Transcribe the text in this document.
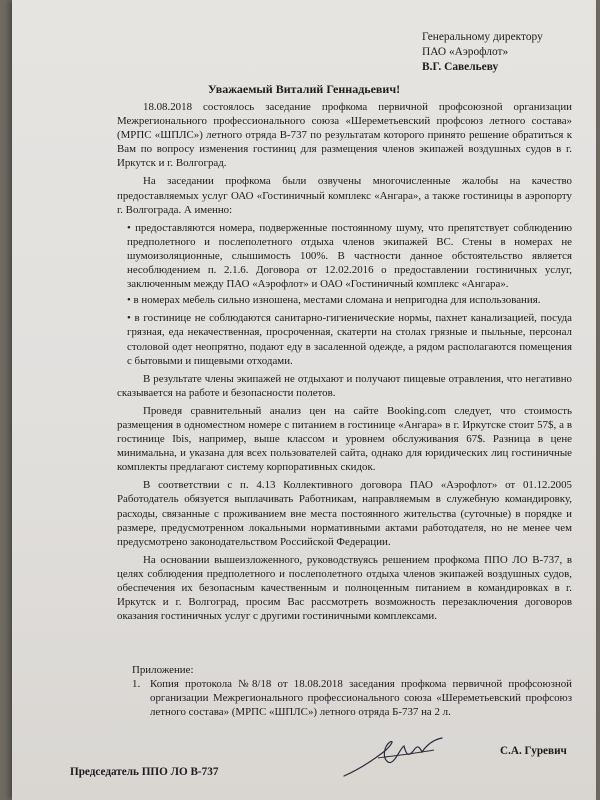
Генеральному директору
ПАО «Аэрофлот»
В.Г. Савельеву
Уважаемый Виталий Геннадьевич!

18.08.2018 состоялось заседание профкома первичной профсоюзной организации Межрегионального профессионального союза «Шереметьевский профсоюз летного состава» (МРПС «ШПЛС») летного отряда В-737 по результатам которого принято решение обратиться к Вам по вопросу изменения гостиниц для размещения членов экипажей воздушных судов в г. Иркутск и г. Волгоград.

На заседании профкома были озвучены многочисленные жалобы на качество предоставляемых услуг ОАО «Гостиничный комплекс «Ангара», а также гостиницы в аэропорту г. Волгограда. А именно:

• предоставляются номера, подверженные постоянному шуму, что препятствует соблюдению предполетного и послеполетного отдыха членов экипажей ВС. Стены в номерах не шумоизоляционные, слышимость 100%. В частности данное обстоятельство является несоблюдением п. 2.1.6. Договора от 12.02.2016 о предоставлении гостиничных услуг, заключенным между ПАО «Аэрофлот» и ОАО «Гостиничный комплекс «Ангара».

• в номерах мебель сильно изношена, местами сломана и непригодна для использования.

• в гостинице не соблюдаются санитарно-гигиенические нормы, пахнет канализацией, посуда грязная, еда некачественная, просроченная, скатерти на столах грязные и пыльные, персонал столовой одет неопрятно, подают еду в засаленной одежде, а рядом располагаются помещения с бытовыми и пищевыми отходами.

В результате члены экипажей не отдыхают и получают пищевые отравления, что негативно сказывается на работе и безопасности полетов.

Проведя сравнительный анализ цен на сайте Booking.com следует, что стоимость размещения в одноместном номере с питанием в гостинице «Ангара» в г. Иркутске стоит 57$, а в гостинице Ibis, например, выше классом и уровнем обслуживания 67$. Разница в цене минимальна, и указана для всех пользователей сайта, однако для юридических лиц гостиничные комплекты предлагают систему корпоративных скидок.

В соответствии с п. 4.13 Коллективного договора ПАО «Аэрофлот» от 01.12.2005 Работодатель обязуется выплачивать Работникам, направляемым в служебную командировку, расходы, связанные с проживанием вне места постоянного жительства (суточные) в порядке и размере, предусмотренном локальными нормативными актами работодателя, но не менее чем предусмотрено законодательством Российской Федерации.

На основании вышеизложенного, руководствуясь решением профкома ППО ЛО В-737, в целях соблюдения предполетного и послеполетного отдыха членов экипажей воздушных судов, обеспечения их безопасным качественным и полноценным питанием в командировках в г. Иркутск и г. Волгоград, просим Вас рассмотреть возможность перезаключения договоров оказания гостиничных услуг с другими гостиничными комплексами.

Приложение:
1. Копия протокола №8/18 от 18.08.2018 заседания профкома первичной профсоюзной организации Межрегионального профессионального союза «Шереметьевский профсоюз летного состава» (МРПС «ШПЛС») летного отряда Б-737 на 2 л.
С.А. Гуревич
Председатель ППО ЛО В-737
